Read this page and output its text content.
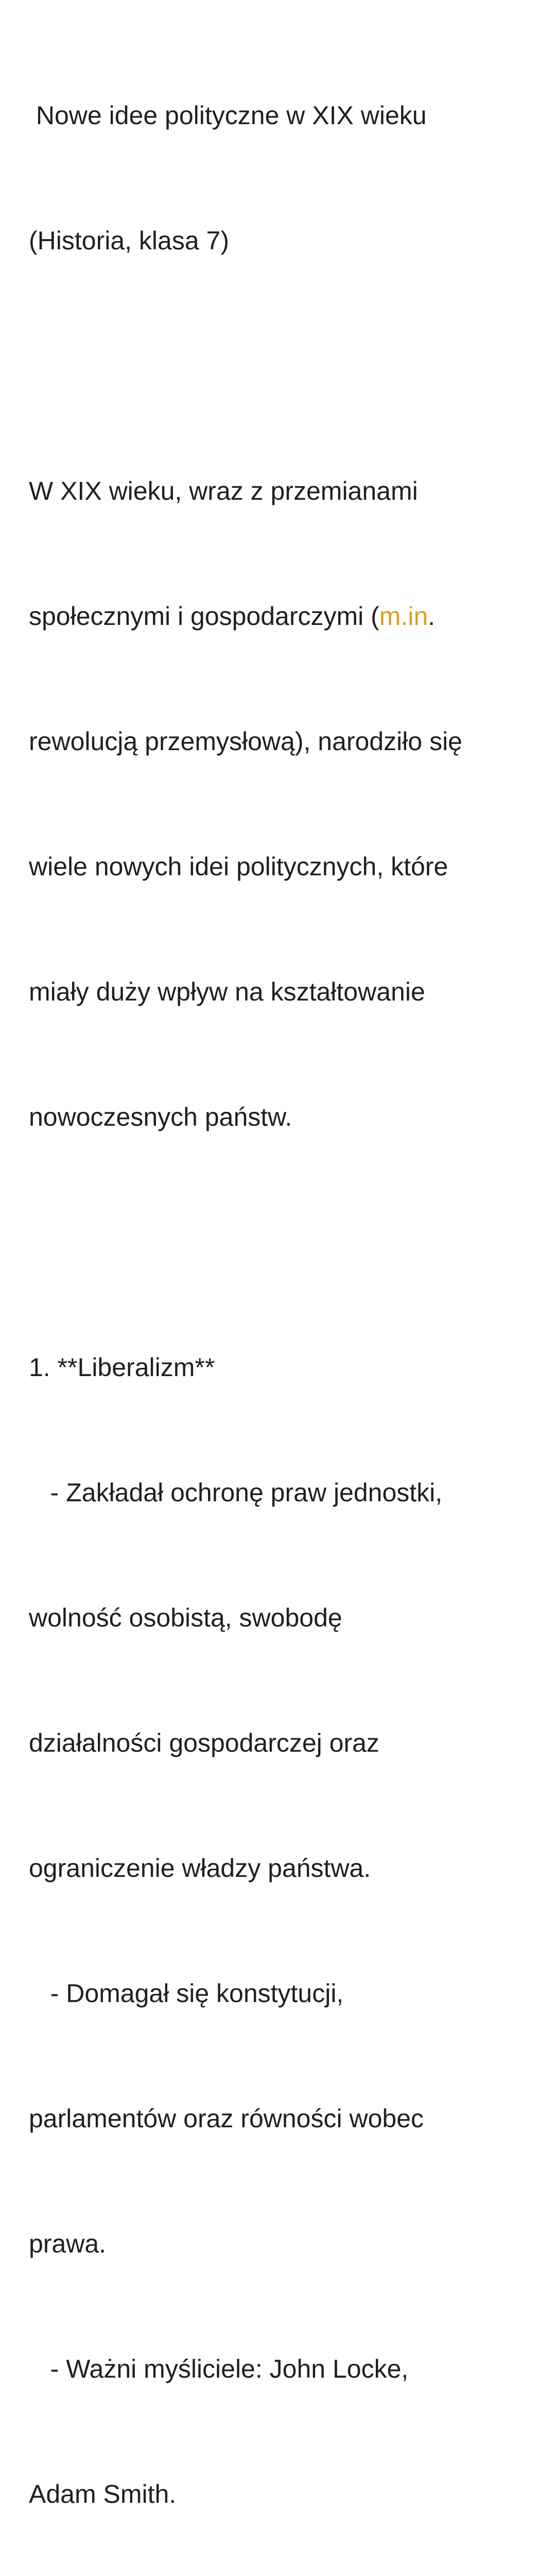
Nowe idee polityczne w XIX wieku

(Historia, klasa 7)

W XIX wieku, wraz z przemianami

społecznymi i gospodarczymi (m.in.

rewolucją przemysłową), narodziło się

wiele nowych idei politycznych, które

miały duży wpływ na kształtowanie

nowoczesnych państw.

1. **Liberalizm**

- Zakładał ochronę praw jednostki,

wolność osobistą, swobodę

działalności gospodarczej oraz

ograniczenie władzy państwa.

- Domagał się konstytucji,

parlamentów oraz równości wobec

prawa.

- Ważni myśliciele: John Locke,

Adam Smith.
